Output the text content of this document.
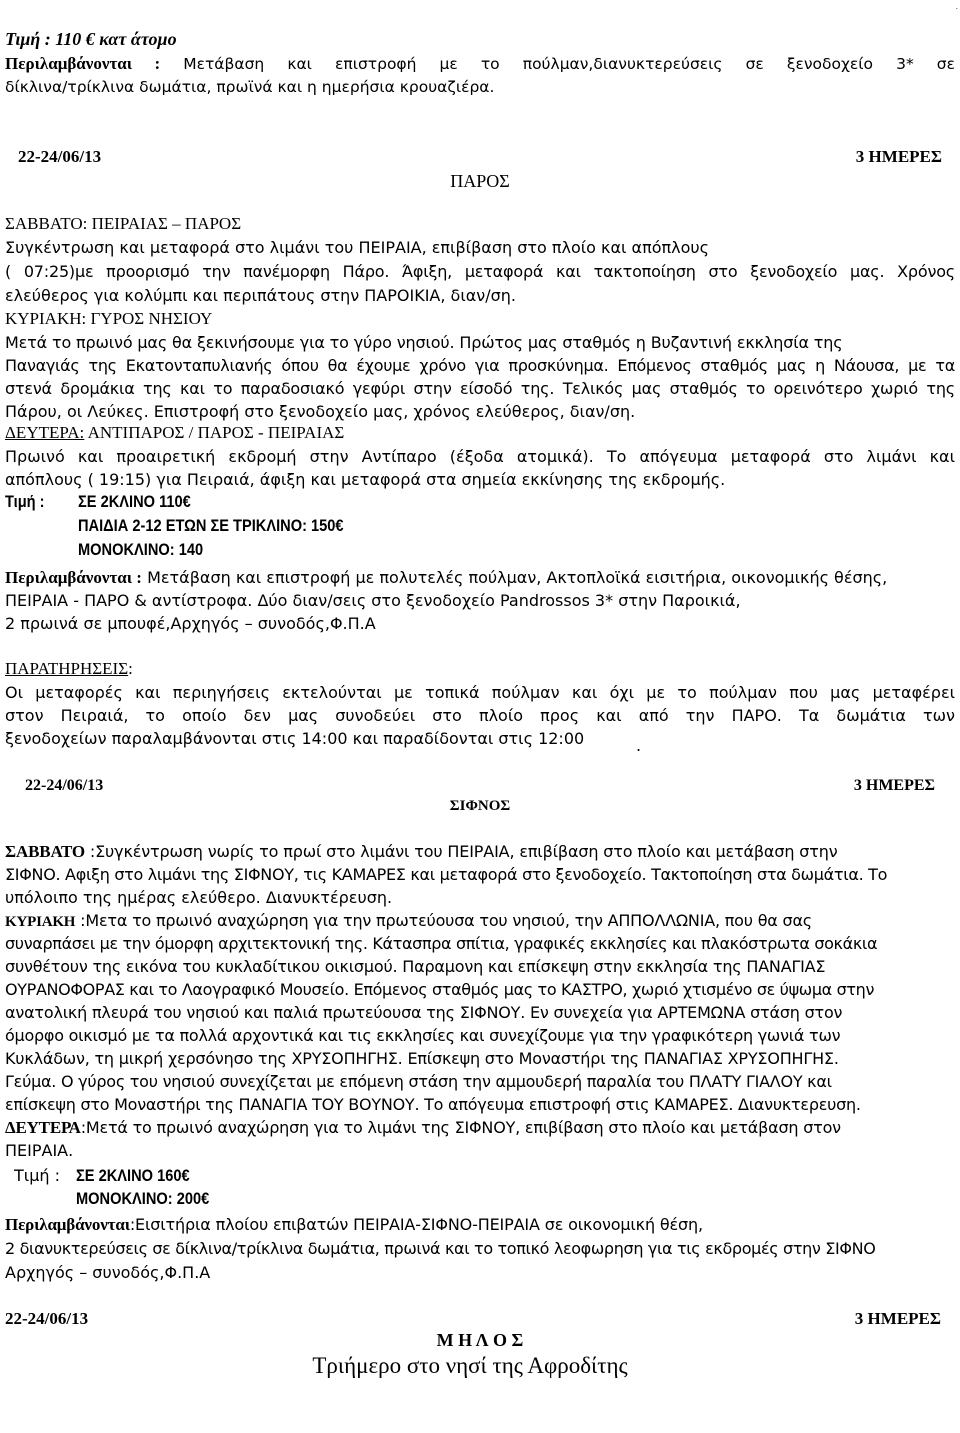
.
Τιμή : 110 € κατ άτομο
Περιλαμβάνονται : Μετάβαση και επιστροφή με το πούλμαν,διανυκτερεύσεις σε ξενοδοχείο 3* σε
δίκλινα/τρίκλινα δωμάτια, πρωϊνά και η ημερήσια κρουαζιέρα.
22-24/06/13	3 ΗΜΕΡΕΣ
ΠΑΡΟΣ
ΣΑΒΒΑΤΟ: ΠΕΙΡΑΙΑΣ – ΠΑΡΟΣ
Συγκέντρωση και μεταφορά στο λιμάνι του ΠΕΙΡΑΙΑ, επιβίβαση στο πλοίο και απόπλους
( 07:25)με προορισμό την πανέμορφη Πάρο. Άφιξη, μεταφορά και τακτοποίηση στο ξενοδοχείο μας. Χρόνος
ελεύθερος για κολύμπι και περιπάτους στην ΠΑΡΟΙΚΙΑ, διαν/ση.
ΚΥΡΙΑΚΗ: ΓΥΡΟΣ ΝΗΣΙΟΥ
Μετά το πρωινό μας θα ξεκινήσουμε για το γύρο νησιού. Πρώτος μας σταθμός η Βυζαντινή εκκλησία της
Παναγιάς της Εκατονταπυλιανής όπου θα έχουμε χρόνο για προσκύνημα. Επόμενος σταθμός μας η Νάουσα, με τα
στενά δρομάκια της και το παραδοσιακό γεφύρι στην είσοδό της. Τελικός μας σταθμός το ορεινότερο χωριό της
Πάρου, οι Λεύκες. Επιστροφή στο ξενοδοχείο μας, χρόνος ελεύθερος, διαν/ση.
ΔΕΥΤΕΡΑ: ΑΝΤΙΠΑΡΟΣ / ΠΑΡΟΣ - ΠΕΙΡΑΙΑΣ
Πρωινό και προαιρετική εκδρομή στην Αντίπαρο (έξοδα ατομικά). Το απόγευμα μεταφορά στο λιμάνι και
απόπλους ( 19:15) για Πειραιά, άφιξη και μεταφορά στα σημεία εκκίνησης της εκδρομής.
Τιμή : ΣΕ 2ΚΛΙΝΟ 110€
ΠΑΙΔΙΑ 2-12 ΕΤΩΝ ΣΕ ΤΡΙΚΛΙΝΟ: 150€
ΜΟΝΟΚΛΙΝΟ: 140
Περιλαμβάνονται : Μετάβαση και επιστροφή με πολυτελές πούλμαν, Ακτοπλοϊκά εισιτήρια, οικονομικής θέσης,
ΠΕΙΡΑΙΑ - ΠΑΡΟ & αντίστροφα. Δύο διαν/σεις στο ξενοδοχείο Pandrossos 3* στην Παροικιά,
2 πρωινά σε μπουφέ,Αρχηγός – συνοδός,Φ.Π.Α
ΠΑΡΑΤΗΡΗΣΕΙΣ:
Οι μεταφορές και περιηγήσεις εκτελούνται με τοπικά πούλμαν και όχι με το πούλμαν που μας μεταφέρει
στον Πειραιά, το οποίο δεν μας συνοδεύει στο πλοίο προς και από την ΠΑΡΟ. Τα δωμάτια των
ξενοδοχείων παραλαμβάνονται στις 14:00 και παραδίδονται στις 12:00	.
22-24/06/13	3 ΗΜΕΡΕΣ
ΣΙΦΝΟΣ
ΣΑΒΒΑΤΟ :Συγκέντρωση νωρίς το πρωί στο λιμάνι του ΠΕΙΡΑΙΑ, επιβίβαση στο πλοίο και μετάβαση στην
ΣΙΦΝΟ. Αφιξη στο λιμάνι της ΣΙΦΝΟΥ, τις ΚΑΜΑΡΕΣ και μεταφορά στο ξενοδοχείο. Τακτοποίηση στα δωμάτια. Το
υπόλοιπο της ημέρας ελεύθερο. Διανυκτέρευση.
ΚΥΡΙΑΚΗ :Μετα το πρωινό αναχώρηση για την πρωτεύουσα του νησιού, την ΑΠΠΟΛΛΩΝΙΑ, που θα σας
συναρπάσει με την όμορφη αρχιτεκτονική της. Κάτασπρα σπίτια, γραφικές εκκλησίες και πλακόστρωτα σοκάκια
συνθέτουν της εικόνα του κυκλαδίτικου οικισμού. Παραμονη και επίσκεψη στην εκκλησία της ΠΑΝΑΓΙΑΣ
ΟΥΡΑΝΟΦΟΡΑΣ και το Λαογραφικό Μουσείο. Επόμενος σταθμός μας το ΚΑΣΤΡΟ, χωριό χτισμένο σε ύψωμα στην
ανατολική πλευρά του νησιού και παλιά πρωτεύουσα της ΣΙΦΝΟΥ. Εν συνεχεία για ΑΡΤΕΜΩΝΑ στάση στον
όμορφο οικισμό με τα πολλά αρχοντικά και τις εκκλησίες και συνεχίζουμε για την γραφικότερη γωνιά των
Κυκλάδων, τη μικρή χερσόνησο της ΧΡΥΣΟΠΗΓΗΣ. Επίσκεψη στο Μοναστήρι της ΠΑΝΑΓΙΑΣ ΧΡΥΣΟΠΗΓΗΣ.
Γεύμα. Ο γύρος του νησιού συνεχίζεται με επόμενη στάση την αμμουδερή παραλία του ΠΛΑΤΥ ΓΙΑΛΟΥ και
επίσκεψη στο Μοναστήρι της ΠΑΝΑΓΙΑ ΤΟΥ ΒΟΥΝΟΥ. Το απόγευμα επιστροφή στις ΚΑΜΑΡΕΣ. Διανυκτερευση.
ΔΕΥΤΕΡΑ:Μετά το πρωινό αναχώρηση για το λιμάνι της ΣΙΦΝΟΥ, επιβίβαση στο πλοίο και μετάβαση στον
ΠΕΙΡΑΙΑ.
Τιμή : ΣΕ 2ΚΛΙΝΟ 160€
ΜΟΝΟΚΛΙΝΟ: 200€
Περιλαμβάνονται:Εισιτήρια πλοίου επιβατών ΠΕΙΡΑΙΑ-ΣΙΦΝΟ-ΠΕΙΡΑΙΑ σε οικονομική θέση,
2 διανυκτερεύσεις σε δίκλινα/τρίκλινα δωμάτια, πρωινά και το τοπικό λεοφωρηση για τις εκδρομές στην ΣΙΦΝΟ
Αρχηγός – συνοδός,Φ.Π.Α
22-24/06/13	3 ΗΜΕΡΕΣ
Μ Η Λ Ο Σ
Τριήμερο στο νησί της Αφροδίτης
